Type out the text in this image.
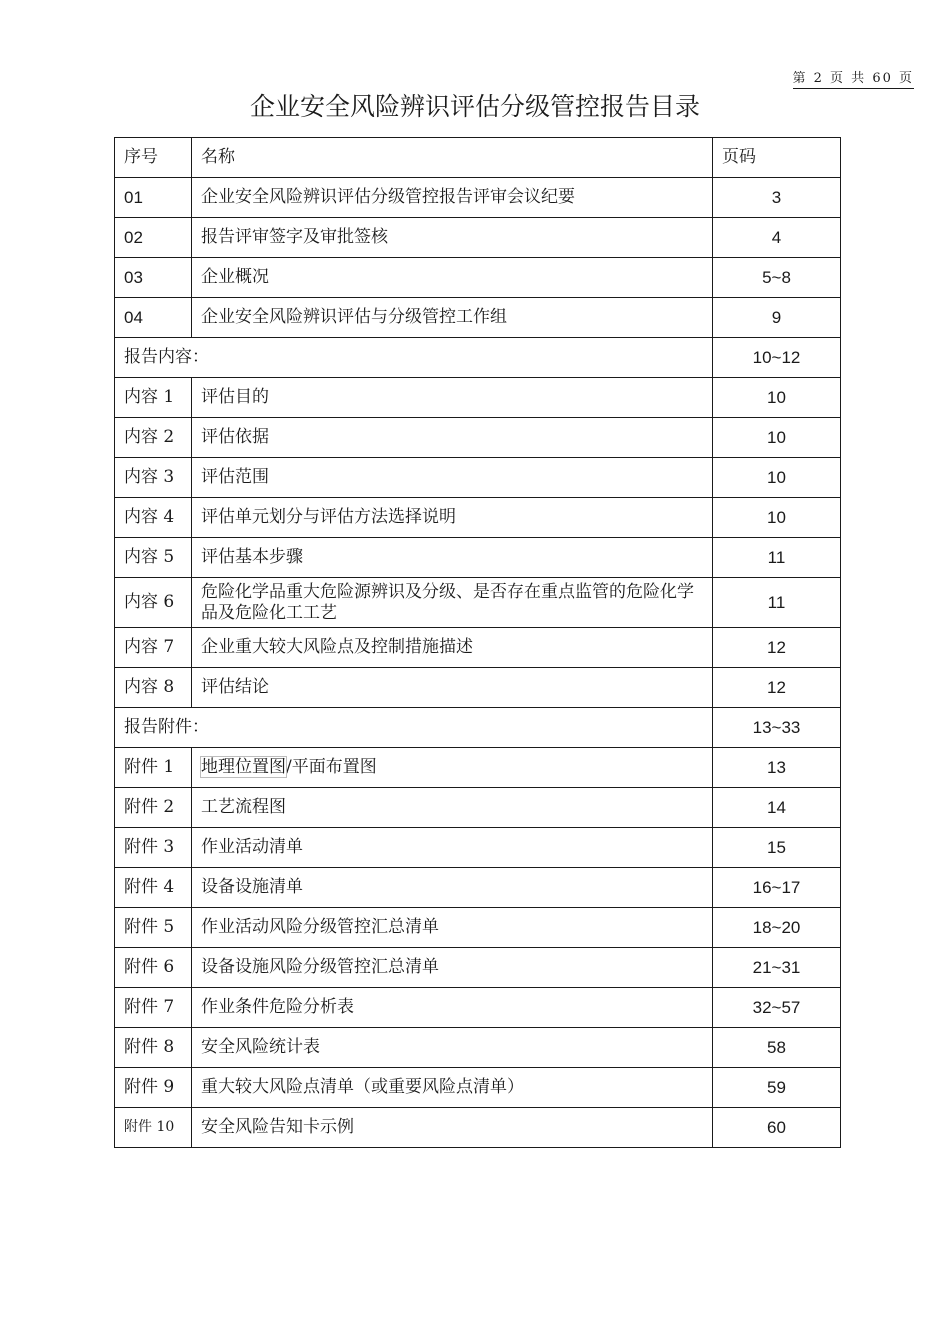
第 2 页 共 60 页
企业安全风险辨识评估分级管控报告目录
序号	名称	页码
01	企业安全风险辨识评估分级管控报告评审会议纪要	3
02	报告评审签字及审批签核	4
03	企业概况	5~8
04	企业安全风险辨识评估与分级管控工作组	9
报告内容：		10~12
内容 1	评估目的	10
内容 2	评估依据	10
内容 3	评估范围	10
内容 4	评估单元划分与评估方法选择说明	10
内容 5	评估基本步骤	11
内容 6	危险化学品重大危险源辨识及分级、是否存在重点监管的危险化学品及危险化工工艺	11
内容 7	企业重大较大风险点及控制措施描述	12
内容 8	评估结论	12
报告附件：		13~33
附件 1	地理位置图/平面布置图	13
附件 2	工艺流程图	14
附件 3	作业活动清单	15
附件 4	设备设施清单	16~17
附件 5	作业活动风险分级管控汇总清单	18~20
附件 6	设备设施风险分级管控汇总清单	21~31
附件 7	作业条件危险分析表	32~57
附件 8	安全风险统计表	58
附件 9	重大较大风险点清单（或重要风险点清单）	59
附件 10	安全风险告知卡示例	60
